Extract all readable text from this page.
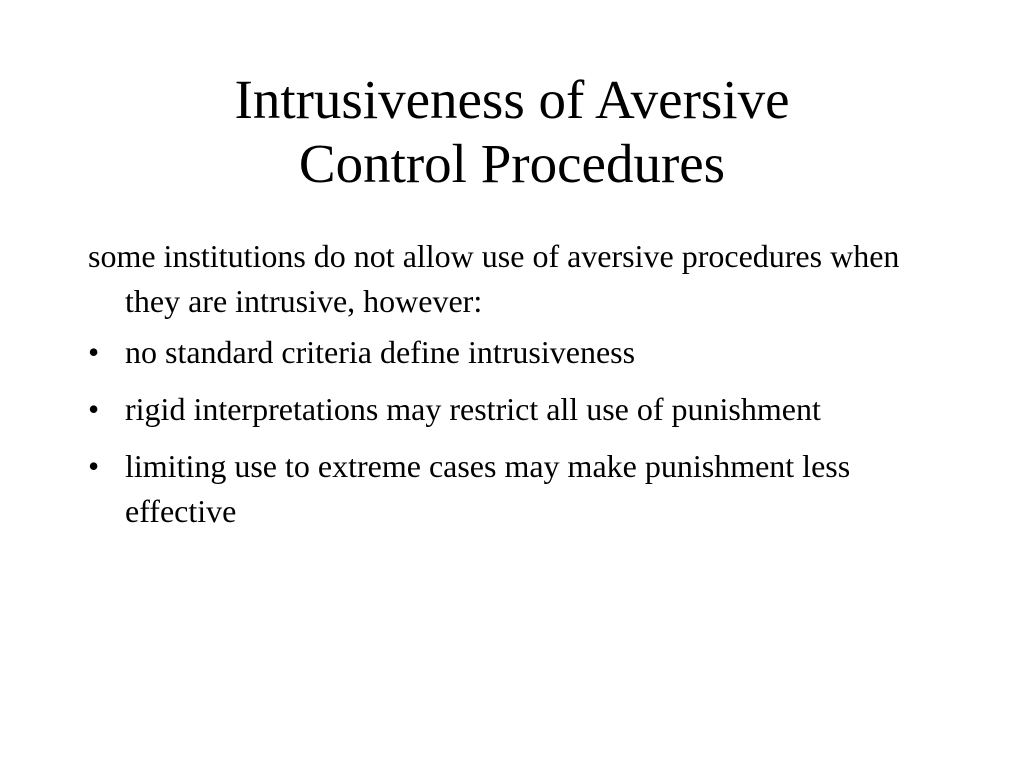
Intrusiveness of Aversive
Control Procedures

some institutions do not allow use of aversive procedures when they are intrusive, however:

• no standard criteria define intrusiveness
• rigid interpretations may restrict all use of punishment
• limiting use to extreme cases may make punishment less effective
